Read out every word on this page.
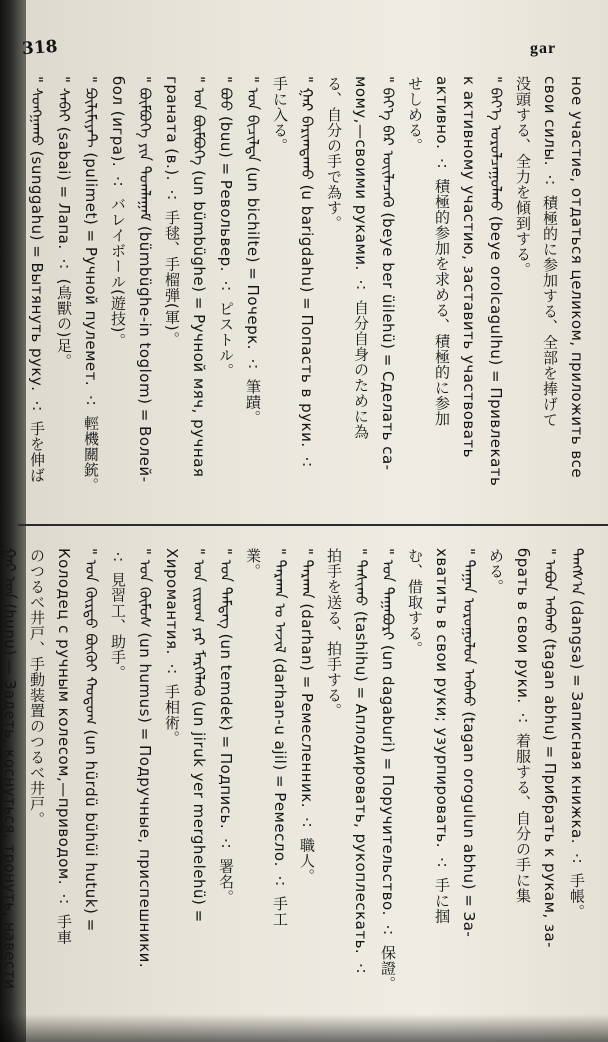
318	gar
ное участие, отдаться целиком, приложить все
свои силы. ∴ 積極的に参加する、全部を捧げて
没頭する、全力を傾到する。
" ᠪᠡᠶ᠎ᠡ ᠣᠷᠣᠯᠴᠠᠭᠤᠯᠬᠤ (beye orolcagulhu) = Привлекать
к активному участию, заставить участвовать
активно. ∴ 積極的参加を求める、積極的に参加
せしめる。
" ᠪᠡᠶ᠎ᠡ ᠪᠡᠷ ᠦᠢᠯᠡᠴᠡᠬᠦ (beye ber üilehü) = Сделать са-
мому,—своими руками. ∴ 自分自身のために為
る、自分の手で為す。
" ᠭᠠᠷ ᠪᠠᠷᠢᠭᠳᠠᠬᠤ (u barigdahu) = Попасть в руки. ∴
手に入る。
" ᠤᠨ ᠪᠢᠴᠢᠯᠲᠡ (un bichilte) = Почерк. ∴ 筆蹟。
" ᠪᠤᠤ (buu) = Револьвер. ∴ ピストル。
" ᠤᠨ ᠪᠦᠮᠪᠦᠭᠡ (un bümbüghe) = Ручной мяч, ручная
граната (в.). ∴ 手毬、手榴弾(軍)。
" ᠪᠦᠮᠪᠦᠭᠡ ᠶᠢᠨ ᠲᠣᠭᠯᠠᠭᠠᠮ (bümbüghe-in toglom) = Волей-
бол (игра). ∴ バレイボール(遊技)。
" ᠫᠦᠯᠢᠮᠢᠶᠠᠲ (pulimet) = Ручной пулемет. ∴ 輕機關銃。
" ᠰᠠᠪᠠᠢ (sabai) = Лапа. ∴ (鳥獸の)足。
" ᠰᠤᠩᠭᠠᠬᠤ (sunggahu) = Вытянуть руку. ∴ 手を伸ば
ᠳᠠᠩᠰ᠎ᠠ (dangsa) = Записная книжка. ∴ 手帳。
" ᠠᠪᠤᠨ ᠠᠪᠬᠤ (tagan abhu) = Прибрать к рукам, за-
брать в свои руки. ∴ 着服する、自分の手に集
める。
" ᠲᠠᠭᠠᠨ ᠣᠷᠣᠭᠤᠯᠤᠨ ᠠᠪᠬᠤ (tagan orogulun abhu) = За-
хватить в свои руки; узурпировать. ∴ 手に掴
む、借取する。
" ᠤᠨ ᠳᠠᠭᠠᠪᠤᠷᠢ (un dagaburi) = Поручительство. ∴ 保證。
" ᠲᠠᠰᠢᠬᠤ (tashihu) = Аплодировать, рукоплескать. ∴
拍手を送る、拍手する。
" ᠳᠠᠷᠬᠠᠨ (darhan) = Ремесленник. ∴ 職人。
" ᠳᠠᠷᠬᠠᠨ ᠤ ᠠᠵᠢᠯ (darhan-u ajil) = Ремесло. ∴ 手工
業。
" ᠤᠨ ᠲᠡᠮᠳᠡᠭ (un temdek) = Подпись. ∴ 署名。
" ᠤᠨ ᠵᠢᠷᠤᠭ ᠶᠡᠷ ᠮᠡᠷᠭᠡᠯᠡᠬᠦ (un jiruk yer merghelehü) =
Хиромантия. ∴ 手相術。
" ᠤᠨ ᠬᠦᠮᠦᠰ (un humus) = Подручные, приспешники.
∴ 見習工、助手。
" ᠤᠨ ᠬᠦᠷᠳᠦ ᠪᠦᠬᠦᠢ ᠬᠤᠲᠤᠭ (un hürdü bühüi hutuk) =
Колодец с ручным колесом,—приводом. ∴ 手車
のつるべ井戸、手動装置のつるべ井戸。
ᠭᠠᠷ ᠤᠨ (hunu) — Задеть, коснуться, тронуть, навести
